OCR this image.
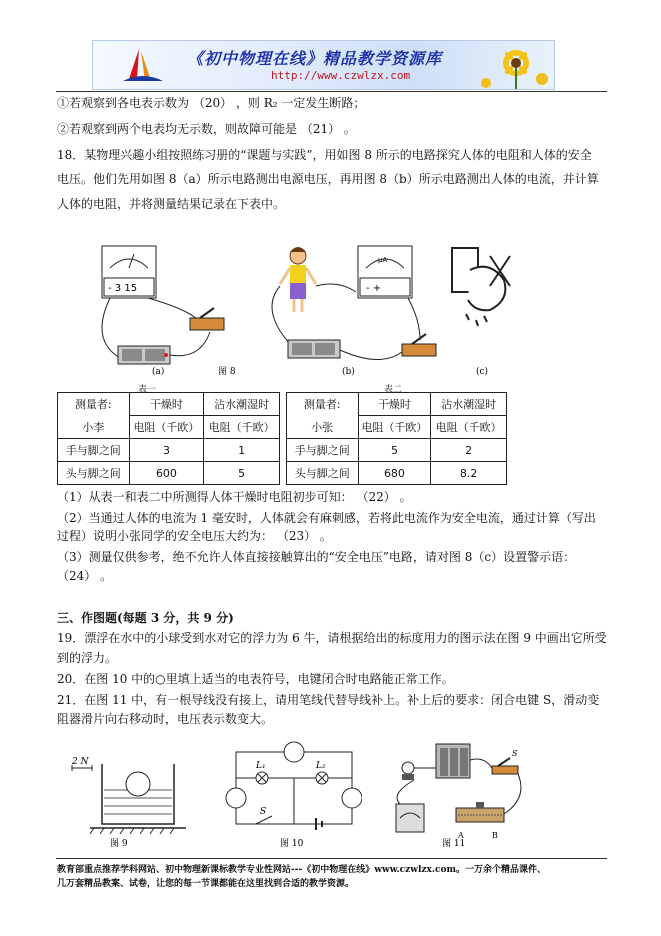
《初中物理在线》精品教学资源库
http://www.czwlzx.com
①若观察到各电表示数为 （20） ，则 R₂ 一定发生断路；
②若观察到两个电表均无示数，则故障可能是 （21） 。
18．某物理兴趣小组按照练习册的“课题与实践”，用如图 8 所示的电路探究人体的电阻和人体的安全
电压。他们先用如图 8（a）所示电路测出电源电压，再用图 8（b）所示电路测出人体的电流，并计算
人体的电阻，并将测量结果记录在下表中。
- 3 15
(a)	图 8
μA
- +
(b)	(c)
表一
测量者:	干燥时	沾水潮湿时
小李	电阻（千欧）	电阻（千欧）
手与脚之间	3	1
头与脚之间	600	5
表二
测量者:	干燥时	沾水潮湿时
小张	电阻（千欧）	电阻（千欧）
手与脚之间	5	2
头与脚之间	680	8.2
（1）从表一和表二中所测得人体干燥时电阻初步可知： （22） 。
（2）当通过人体的电流为 1 毫安时，人体就会有麻刺感，若将此电流作为安全电流，通过计算（写出
过程）说明小张同学的安全电压大约为： （23） 。
（3）测量仅供参考，绝不允许人体直接接触算出的“安全电压”电路，请对图 8（c）设置警示语：
（24） 。
三、作图题(每题 3 分，共 9 分)
19．漂浮在水中的小球受到水对它的浮力为 6 牛，请根据给出的标度用力的图示法在图 9 中画出它所受
到的浮力。
20．在图 10 中的○里填上适当的电表符号，电键闭合时电路能正常工作。
21．在图 11 中，有一根导线没有接上，请用笔线代替导线补上。补上后的要求：闭合电键 S，滑动变
阻器滑片向右移动时，电压表示数变大。
2 N
图 9
L₁	L₂
S
图 10
S
A	B
图 11
教育部重点推荐学科网站、初中物理新课标教学专业性网站---《初中物理在线》www.czwlzx.com。一万余个精品课件、
几万套精品教案、试卷，让您的每一节课都能在这里找到合适的教学资源。
